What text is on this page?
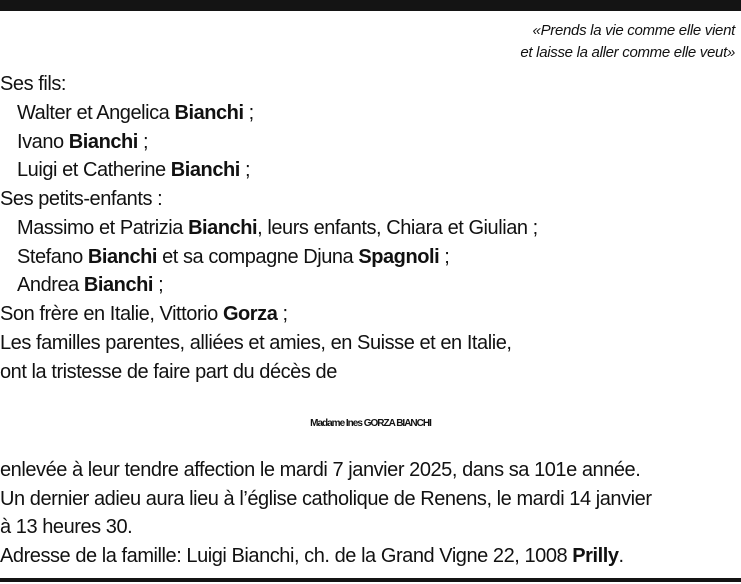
«Prends la vie comme elle vient
et laisse la aller comme elle veut»
Ses fils:
Walter et Angelica Bianchi ;
Ivano Bianchi ;
Luigi et Catherine Bianchi ;
Ses petits-enfants :
Massimo et Patrizia Bianchi, leurs enfants, Chiara et Giulian ;
Stefano Bianchi et sa compagne Djuna Spagnoli ;
Andrea Bianchi ;
Son frère en Italie, Vittorio Gorza ;
Les familles parentes, alliées et amies, en Suisse et en Italie,
ont la tristesse de faire part du décès de
Madame Ines GORZA BIANCHI
enlevée à leur tendre affection le mardi 7 janvier 2025, dans sa 101e année.
Un dernier adieu aura lieu à l’église catholique de Renens, le mardi 14 janvier
à 13 heures 30.
Adresse de la famille: Luigi Bianchi, ch. de la Grand Vigne 22, 1008 Prilly.
